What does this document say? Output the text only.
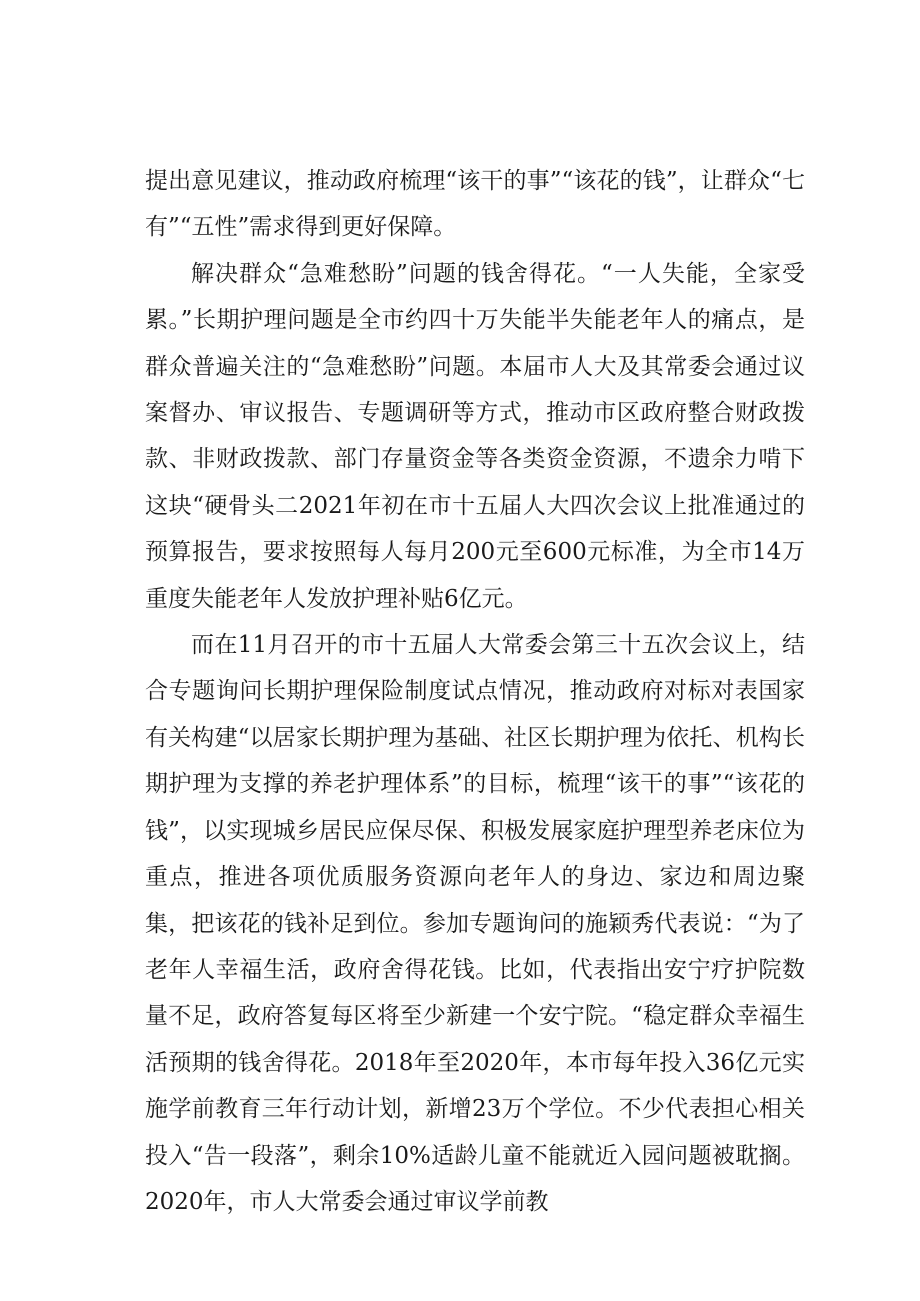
提出意见建议，推动政府梳理“该干的事”“该花的钱”，让群众“七有”“五性”需求得到更好保障。

解决群众“急难愁盼”问题的钱舍得花。“一人失能，全家受累。”长期护理问题是全市约四十万失能半失能老年人的痛点，是群众普遍关注的“急难愁盼”问题。本届市人大及其常委会通过议案督办、审议报告、专题调研等方式，推动市区政府整合财政拨款、非财政拨款、部门存量资金等各类资金资源，不遗余力啃下这块“硬骨头二2021年初在市十五届人大四次会议上批准通过的预算报告，要求按照每人每月200元至600元标准，为全市14万重度失能老年人发放护理补贴6亿元。

而在11月召开的市十五届人大常委会第三十五次会议上，结合专题询问长期护理保险制度试点情况，推动政府对标对表国家有关构建“以居家长期护理为基础、社区长期护理为依托、机构长期护理为支撑的养老护理体系”的目标，梳理“该干的事”“该花的钱”，以实现城乡居民应保尽保、积极发展家庭护理型养老床位为重点，推进各项优质服务资源向老年人的身边、家边和周边聚集，把该花的钱补足到位。参加专题询问的施颖秀代表说：“为了老年人幸福生活，政府舍得花钱。比如，代表指出安宁疗护院数量不足，政府答复每区将至少新建一个安宁院。“稳定群众幸福生活预期的钱舍得花。2018年至2020年，本市每年投入36亿元实施学前教育三年行动计划，新增23万个学位。不少代表担心相关投入“告一段落”，剩余10%适龄儿童不能就近入园问题被耽搁。2020年，市人大常委会通过审议学前教
